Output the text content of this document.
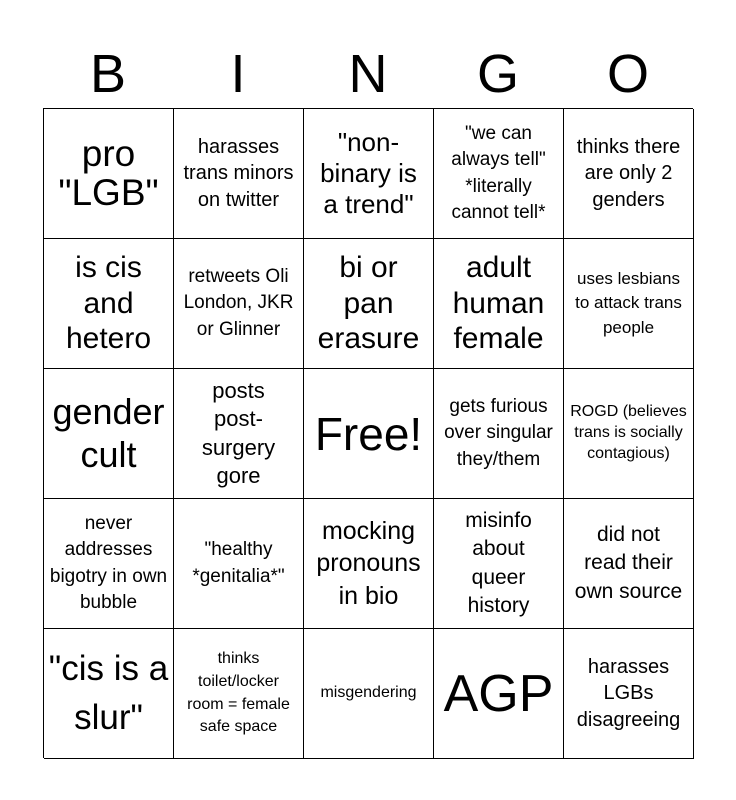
B	I	N	G	O
pro "LGB"
harasses trans minors on twitter
"non-binary is a trend"
"we can always tell" *literally cannot tell*
thinks there are only 2 genders
is cis and hetero
retweets Oli London, JKR or Glinner
bi or pan erasure
adult human female
uses lesbians to attack trans people
gender cult
posts post-surgery gore
Free!
gets furious over singular they/them
ROGD (believes trans is socially contagious)
never addresses bigotry in own bubble
"healthy *genitalia*"
mocking pronouns in bio
misinfo about queer history
did not read their own source
"cis is a slur"
thinks toilet/locker room = female safe space
misgendering AGP	harasses LGBs disagreeing
